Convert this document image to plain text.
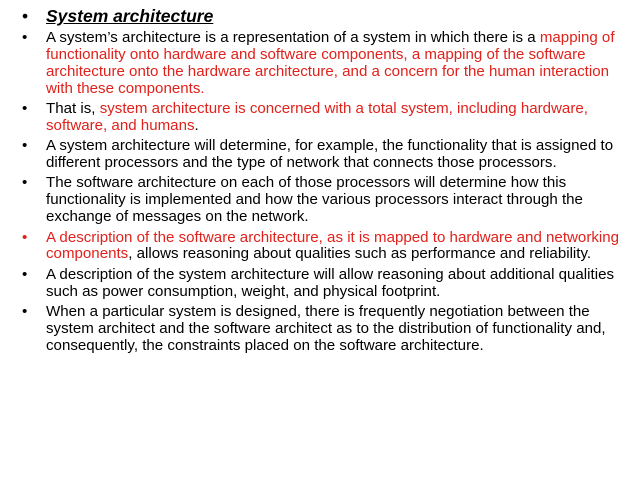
•	System architecture
•	A system’s architecture is a representation of a system in which there is a mapping of functionality onto hardware and software components, a mapping of the software architecture onto the hardware architecture, and a concern for the human interaction with these components.
•	That is, system architecture is concerned with a total system, including hardware, software, and humans.
•	A system architecture will determine, for example, the functionality that is assigned to different processors and the type of network that connects those processors.
•	The software architecture on each of those processors will determine how this functionality is implemented and how the various processors interact through the exchange of messages on the network.
•	A description of the software architecture, as it is mapped to hardware and networking components, allows reasoning about qualities such as performance and reliability.
•	A description of the system architecture will allow reasoning about additional qualities such as power consumption, weight, and physical footprint.
•	When a particular system is designed, there is frequently negotiation between the system architect and the software architect as to the distribution of functionality and, consequently, the constraints placed on the software architecture.
